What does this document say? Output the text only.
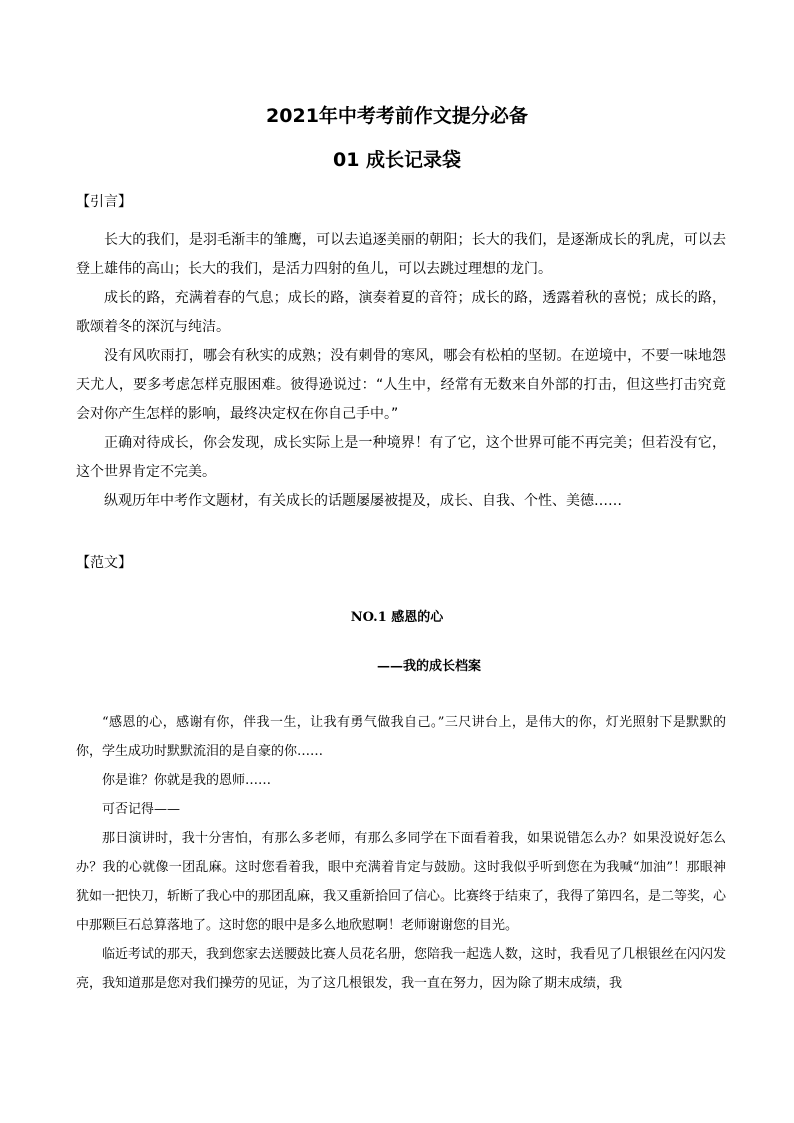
2021年中考考前作文提分必备
01 成长记录袋
【引言】

长大的我们，是羽毛渐丰的雏鹰，可以去追逐美丽的朝阳；长大的我们，是逐渐成长的乳虎，可以去登上雄伟的高山；长大的我们，是活力四射的鱼儿，可以去跳过理想的龙门。

成长的路，充满着春的气息；成长的路，演奏着夏的音符；成长的路，透露着秋的喜悦；成长的路，歌颂着冬的深沉与纯洁。

没有风吹雨打，哪会有秋实的成熟；没有刺骨的寒风，哪会有松柏的坚韧。在逆境中，不要一味地怨天尤人，要多考虑怎样克服困难。彼得逊说过：“人生中，经常有无数来自外部的打击，但这些打击究竟会对你产生怎样的影响，最终决定权在你自己手中。”

正确对待成长，你会发现，成长实际上是一种境界！有了它，这个世界可能不再完美；但若没有它，这个世界肯定不完美。

纵观历年中考作文题材，有关成长的话题屡屡被提及，成长、自我、个性、美德……

【范文】
NO.1 感恩的心
——我的成长档案

“感恩的心，感谢有你，伴我一生，让我有勇气做我自己。”三尺讲台上，是伟大的你，灯光照射下是默默的你，学生成功时默默流泪的是自豪的你……

你是谁？你就是我的恩师……

可否记得——

那日演讲时，我十分害怕，有那么多老师，有那么多同学在下面看着我，如果说错怎么办？如果没说好怎么办？我的心就像一团乱麻。这时您看着我，眼中充满着肯定与鼓励。这时我似乎听到您在为我喊“加油”！那眼神犹如一把快刀，斩断了我心中的那团乱麻，我又重新拾回了信心。比赛终于结束了，我得了第四名，是二等奖，心中那颗巨石总算落地了。这时您的眼中是多么地欣慰啊！老师谢谢您的目光。

临近考试的那天，我到您家去送腰鼓比赛人员花名册，您陪我一起选人数，这时，我看见了几根银丝在闪闪发亮，我知道那是您对我们操劳的见证，为了这几根银发，我一直在努力，因为除了期末成绩，我
